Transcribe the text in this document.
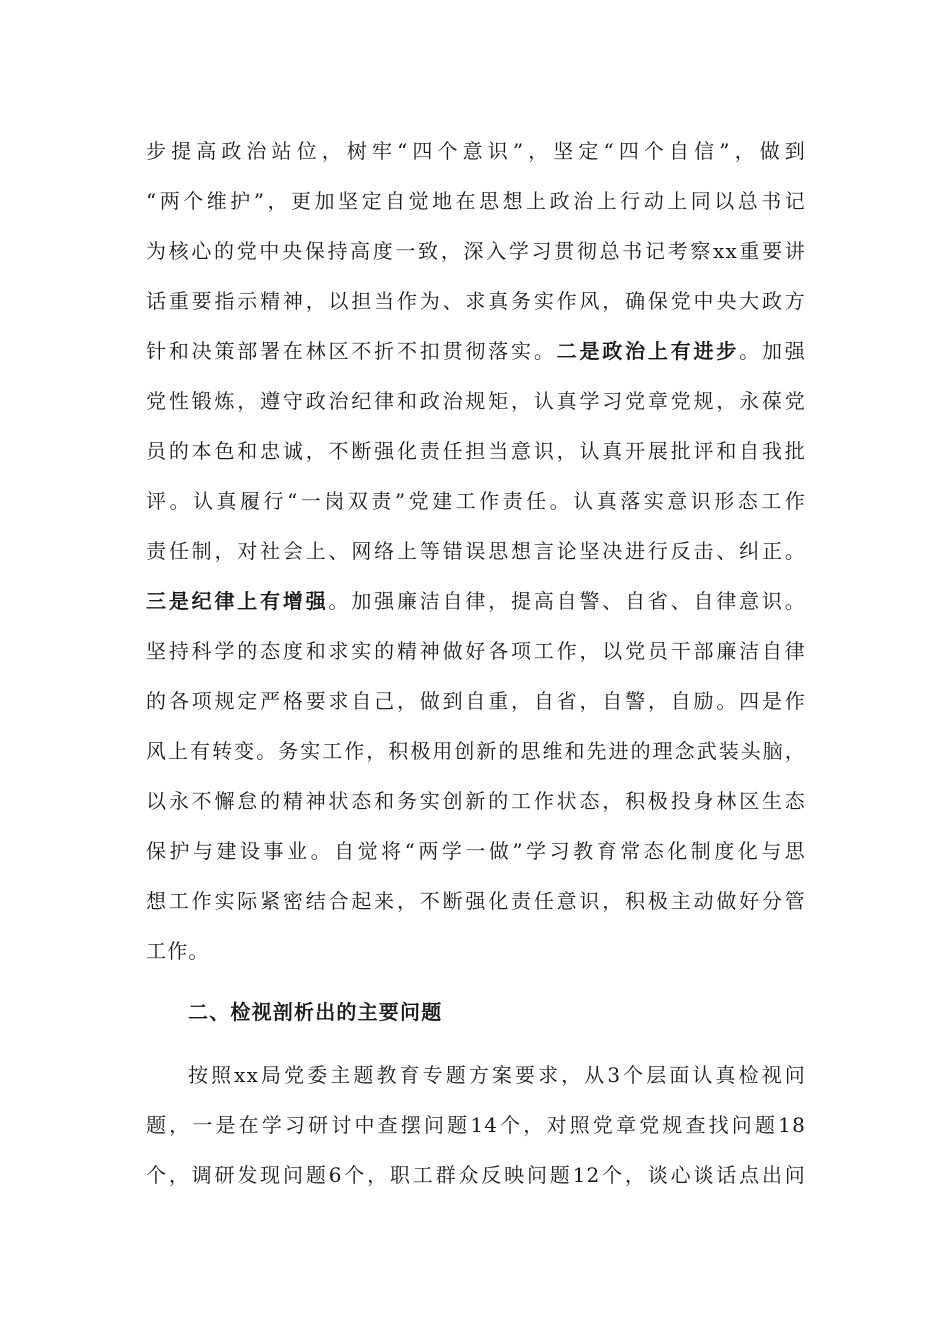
步提高政治站位，树牢“四个意识”，坚定“四个自信”，做到
“两个维护”，更加坚定自觉地在思想上政治上行动上同以总书记
为核心的党中央保持高度一致，深入学习贯彻总书记考察xx重要讲
话重要指示精神，以担当作为、求真务实作风，确保党中央大政方
针和决策部署在林区不折不扣贯彻落实。二是政治上有进步。加强
党性锻炼，遵守政治纪律和政治规矩，认真学习党章党规，永葆党
员的本色和忠诚，不断强化责任担当意识，认真开展批评和自我批
评。认真履行“一岗双责”党建工作责任。认真落实意识形态工作
责任制，对社会上、网络上等错误思想言论坚决进行反击、纠正。
三是纪律上有增强。加强廉洁自律，提高自警、自省、自律意识。
坚持科学的态度和求实的精神做好各项工作，以党员干部廉洁自律
的各项规定严格要求自己，做到自重，自省，自警，自励。四是作
风上有转变。务实工作，积极用创新的思维和先进的理念武装头脑，
以永不懈怠的精神状态和务实创新的工作状态，积极投身林区生态
保护与建设事业。自觉将“两学一做”学习教育常态化制度化与思
想工作实际紧密结合起来，不断强化责任意识，积极主动做好分管
工作。
二、检视剖析出的主要问题
按照xx局党委主题教育专题方案要求，从3个层面认真检视问
题，一是在学习研讨中查摆问题14个，对照党章党规查找问题18
个，调研发现问题6个，职工群众反映问题12个，谈心谈话点出问
